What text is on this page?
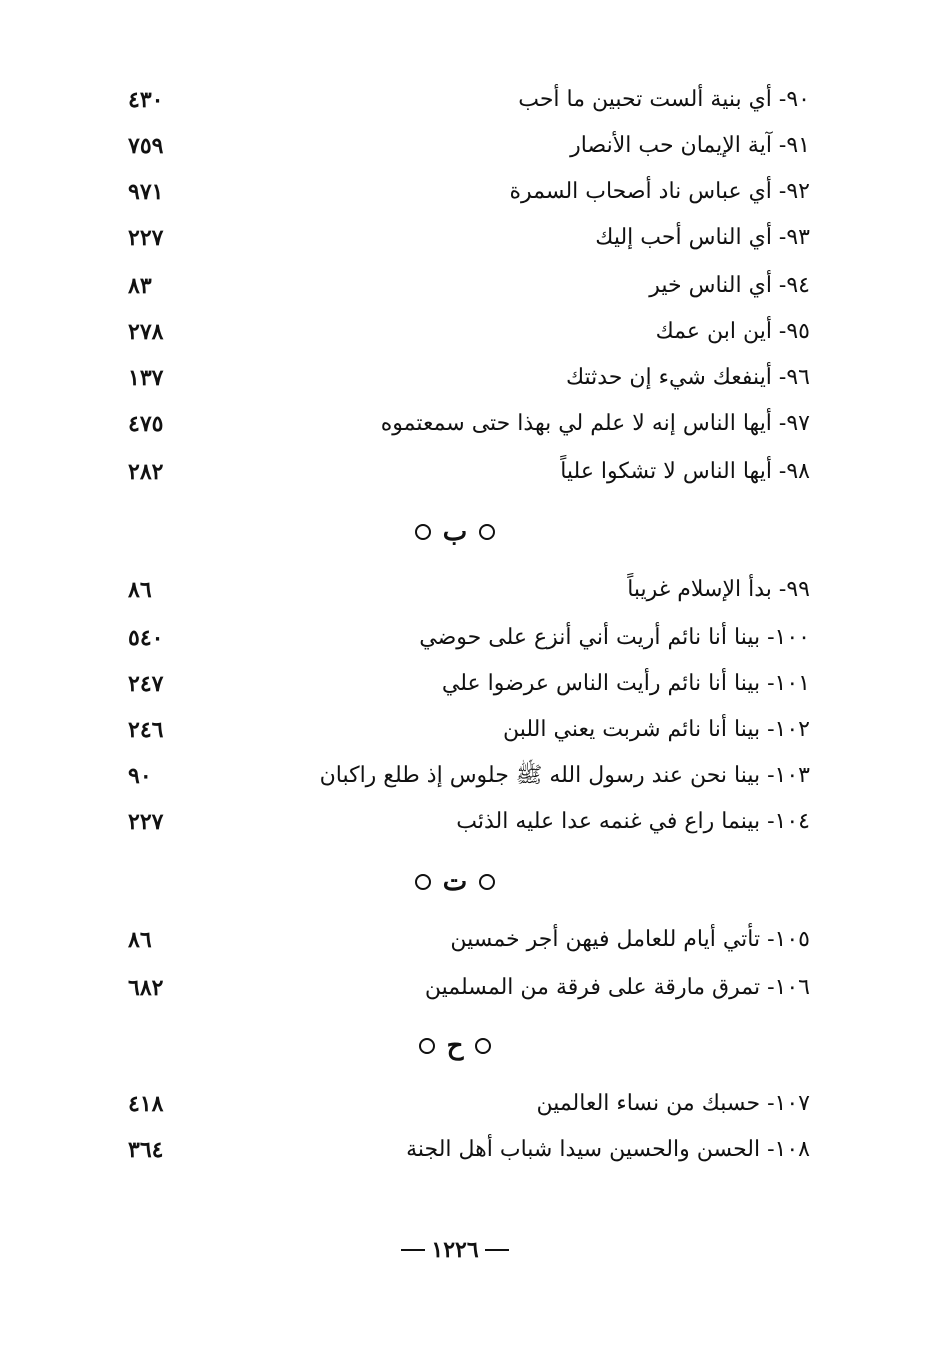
٩٠- أي بنية ألست تحبين ما أحب
٤٣٠
٩١- آية الإيمان حب الأنصار
٧٥٩
٩٢- أي عباس ناد أصحاب السمرة
٩٧١
٩٣- أي الناس أحب إليك
٢٢٧
٩٤- أي الناس خير
٨٣
٩٥- أين ابن عمك
٢٧٨
٩٦- أينفعك شيء إن حدثتك
١٣٧
٩٧- أيها الناس إنه لا علم لي بهذا حتى سمعتموه
٤٧٥
٩٨- أيها الناس لا تشكوا علياً
٢٨٢
ب
٩٩- بدأ الإسلام غريباً
٨٦
١٠٠- بينا أنا نائم أريت أني أنزع على حوضي
٥٤٠
١٠١- بينا أنا نائم رأيت الناس عرضوا علي
٢٤٧
١٠٢- بينا أنا نائم شربت يعني اللبن
٢٤٦
١٠٣- بينا نحن عند رسول الله ﷺ جلوس إذ طلع راكبان
٩٠
١٠٤- بينما راع في غنمه عدا عليه الذئب
٢٢٧
ت
١٠٥- تأتي أيام للعامل فيهن أجر خمسين
٨٦
١٠٦- تمرق مارقة على فرقة من المسلمين
٦٨٢
ح
١٠٧- حسبك من نساء العالمين
٤١٨
١٠٨- الحسن والحسين سيدا شباب أهل الجنة
٣٦٤
١٢٢٦
